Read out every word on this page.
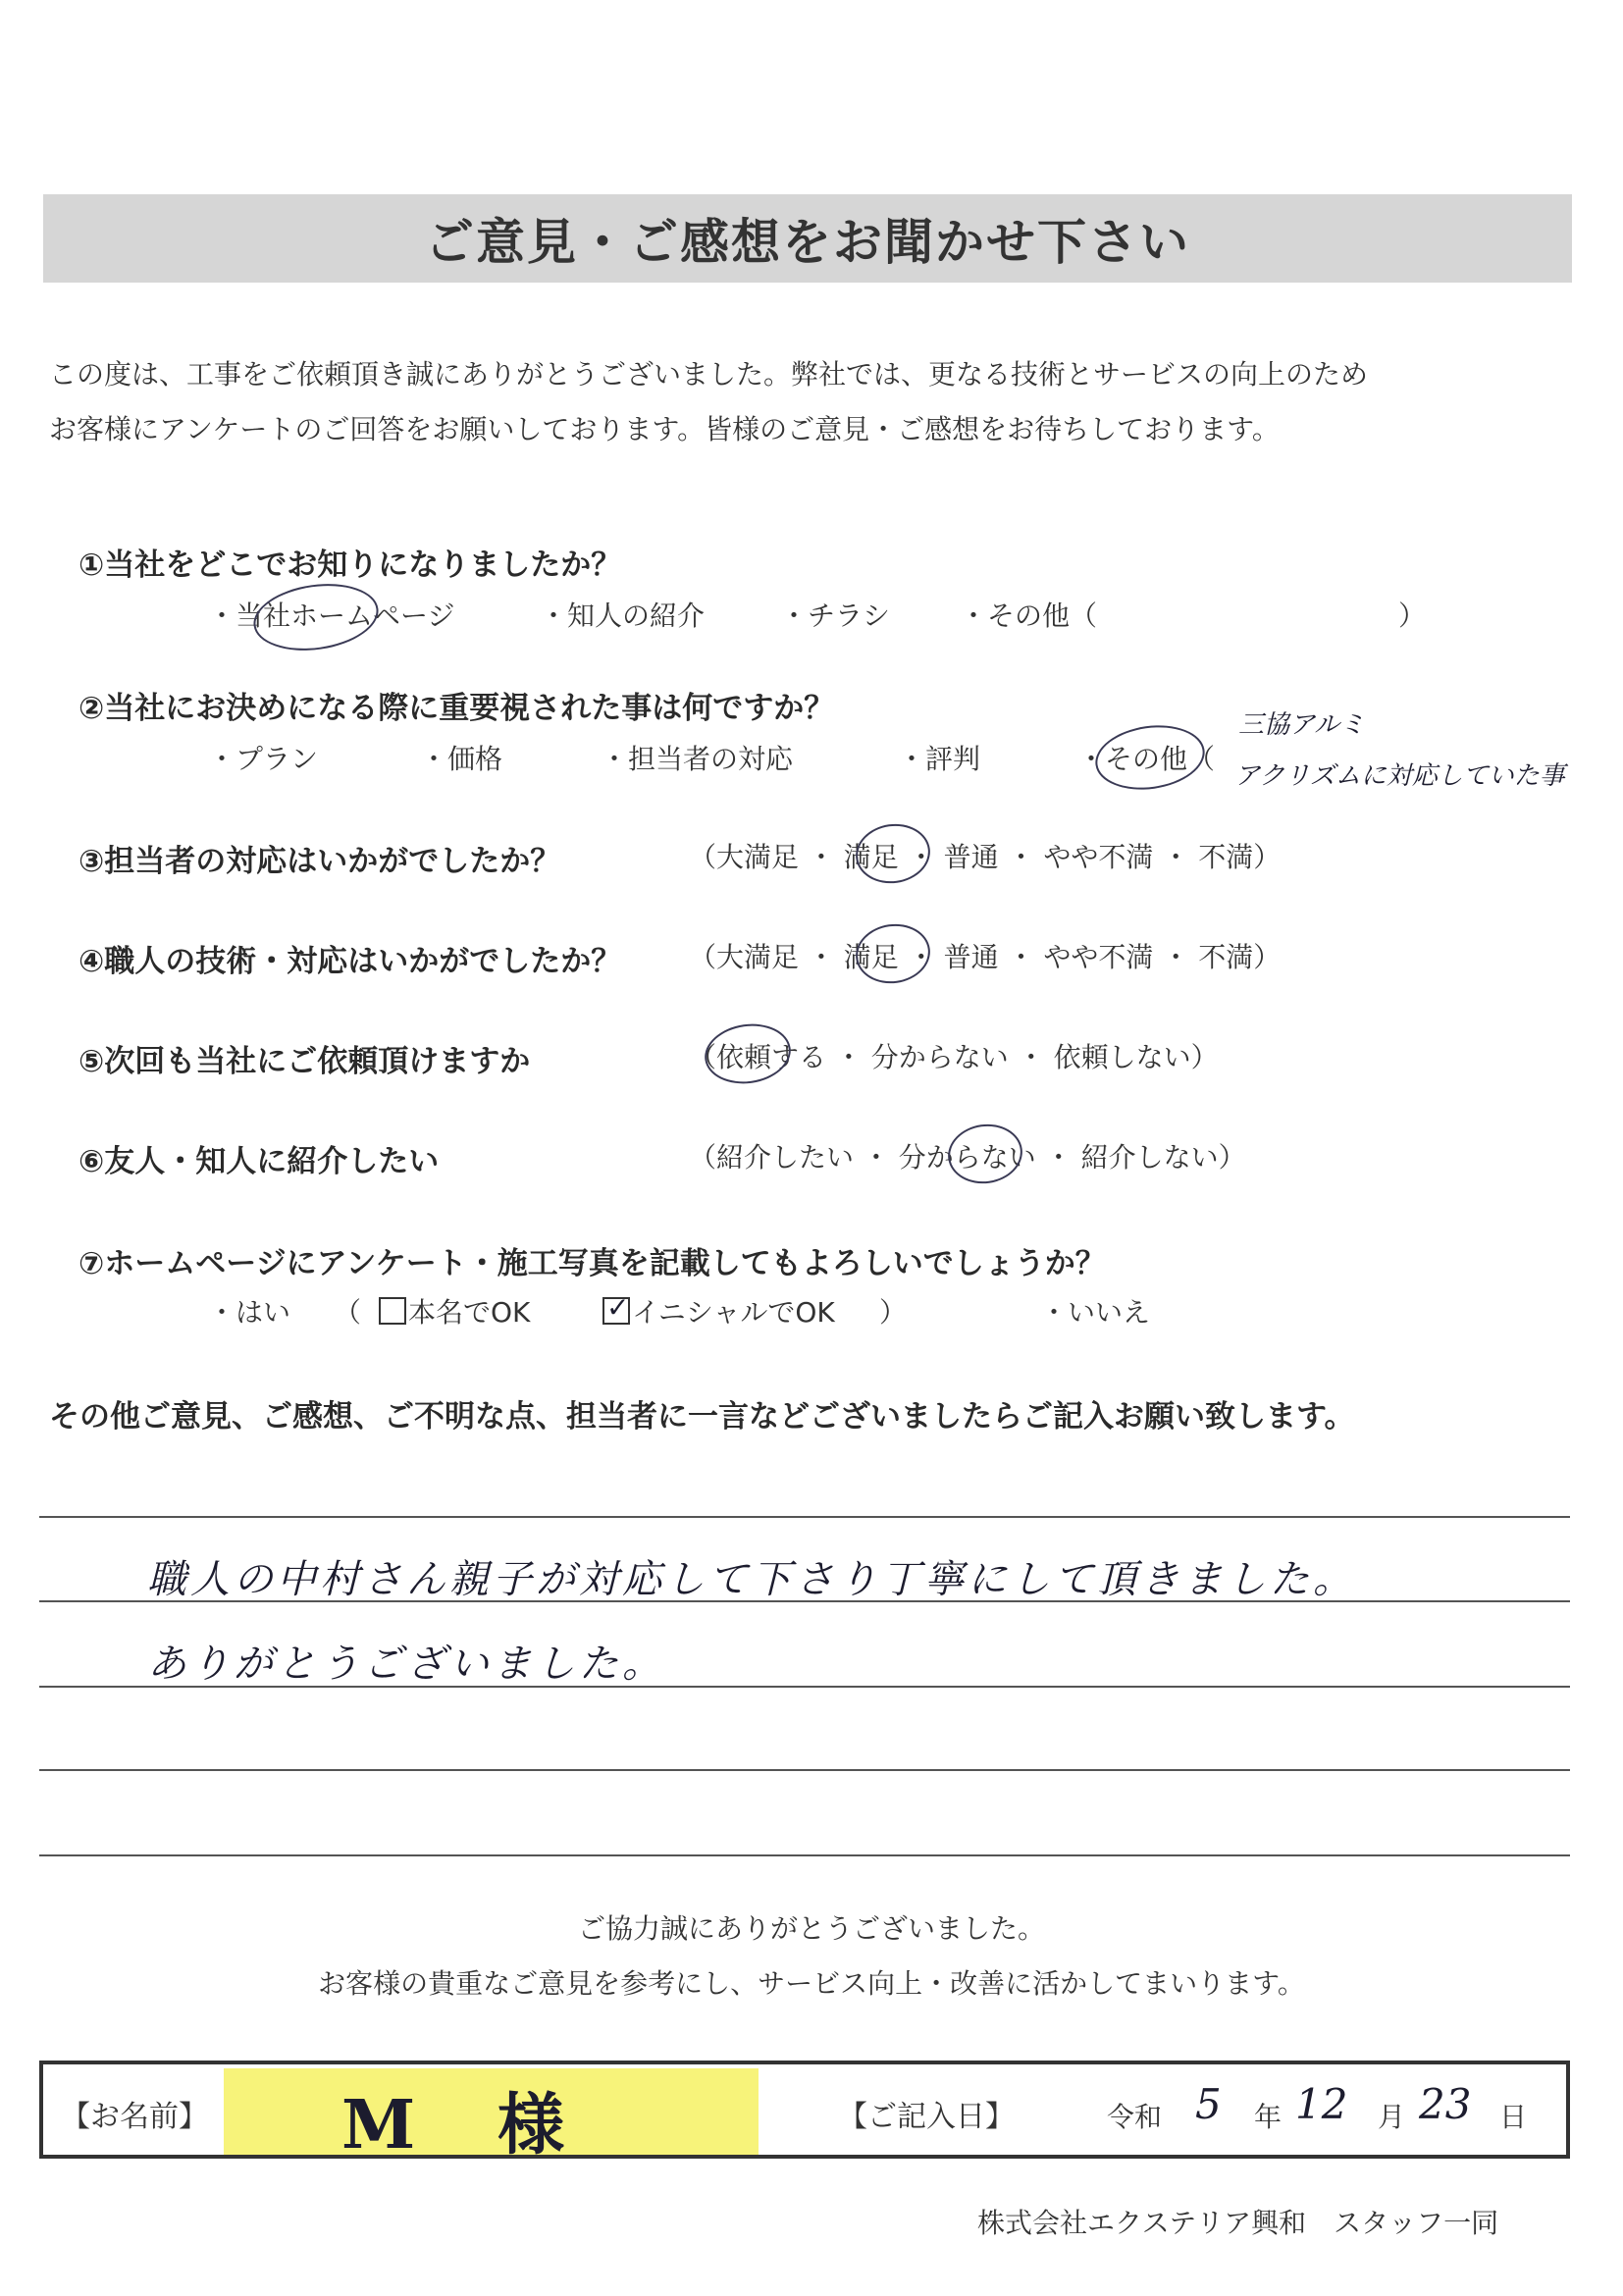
ご意見・ご感想をお聞かせ下さい
この度は、工事をご依頼頂き誠にありがとうございました。弊社では、更なる技術とサービスの向上のため
お客様にアンケートのご回答をお願いしております。皆様のご意見・ご感想をお待ちしております。
①当社をどこでお知りになりましたか？
・当社ホームページ	・知人の紹介	・チラシ	・その他（	）
②当社にお決めになる際に重要視された事は何ですか？
・プラン	・価格	・担当者の対応	・評判	・その他（
三協アルミ
アクリズムに対応していた事
③担当者の対応はいかがでしたか？	（大満足 ・ 満足 ・ 普通 ・ やや不満 ・ 不満）
④職人の技術・対応はいかがでしたか？ （大満足 ・ 満足 ・ 普通 ・ やや不満 ・ 不満）
⑤次回も当社にご依頼頂けますか	（依頼する ・ 分からない ・ 依頼しない）
⑥友人・知人に紹介したい	（紹介したい ・ 分からない ・ 紹介しない）
⑦ホームページにアンケート・施工写真を記載してもよろしいでしょうか？
・はい （	本名でOK	✓ イニシャルでOK ）	・いいえ
その他ご意見、ご感想、ご不明な点、担当者に一言などございましたらご記入お願い致します。
職人の中村さん親子が対応して下さり丁寧にして頂きました。
ありがとうございました。
ご協力誠にありがとうございました。
お客様の貴重なご意見を参考にし、サービス向上・改善に活かしてまいります。
【お名前】 M 様	【ご記入日】	令和 5 年 12 月 23 日
株式会社エクステリア興和　スタッフ一同
